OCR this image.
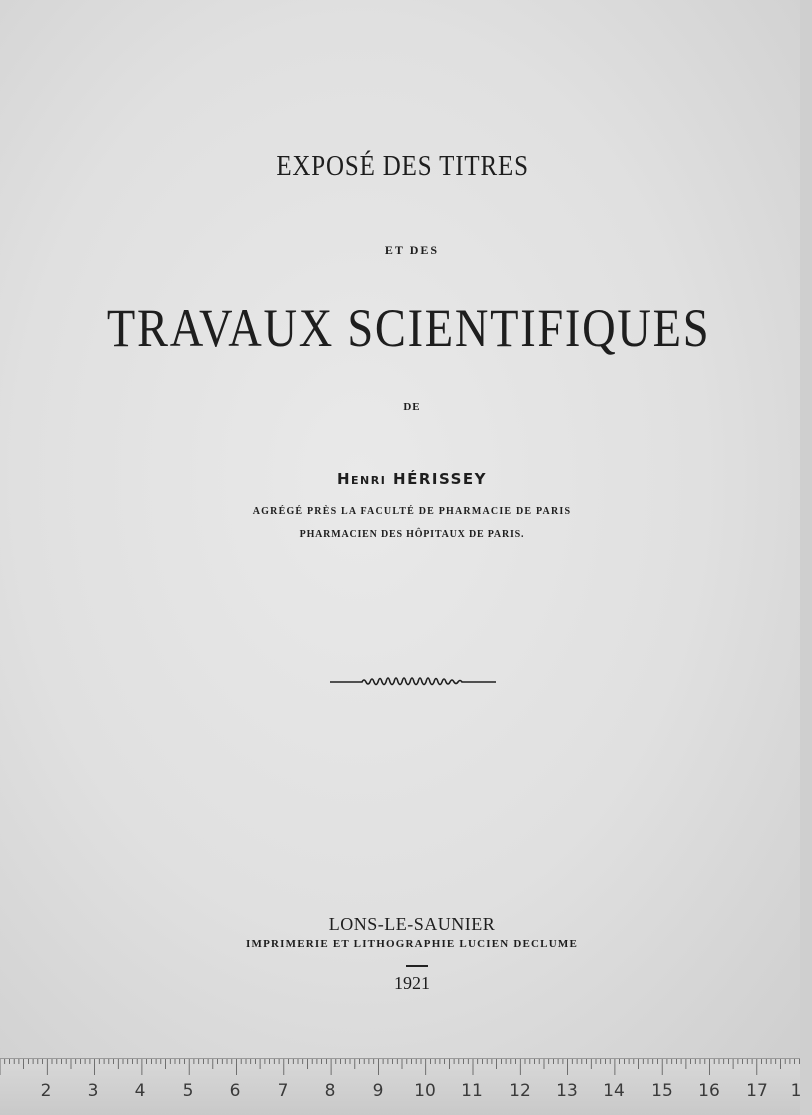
EXPOSÉ DES TITRES
ET DES
TRAVAUX SCIENTIFIQUES
DE
Henri HÉRISSEY
AGRÉGÉ PRÈS LA FACULTÉ DE PHARMACIE DE PARIS
PHARMACIEN DES HÔPITAUX DE PARIS.
LONS-LE-SAUNIER
IMPRIMERIE ET LITHOGRAPHIE LUCIEN DECLUME
1921
2 3 4 5 6 7 8 9 10 11 12 13 14 15 16 17 1
